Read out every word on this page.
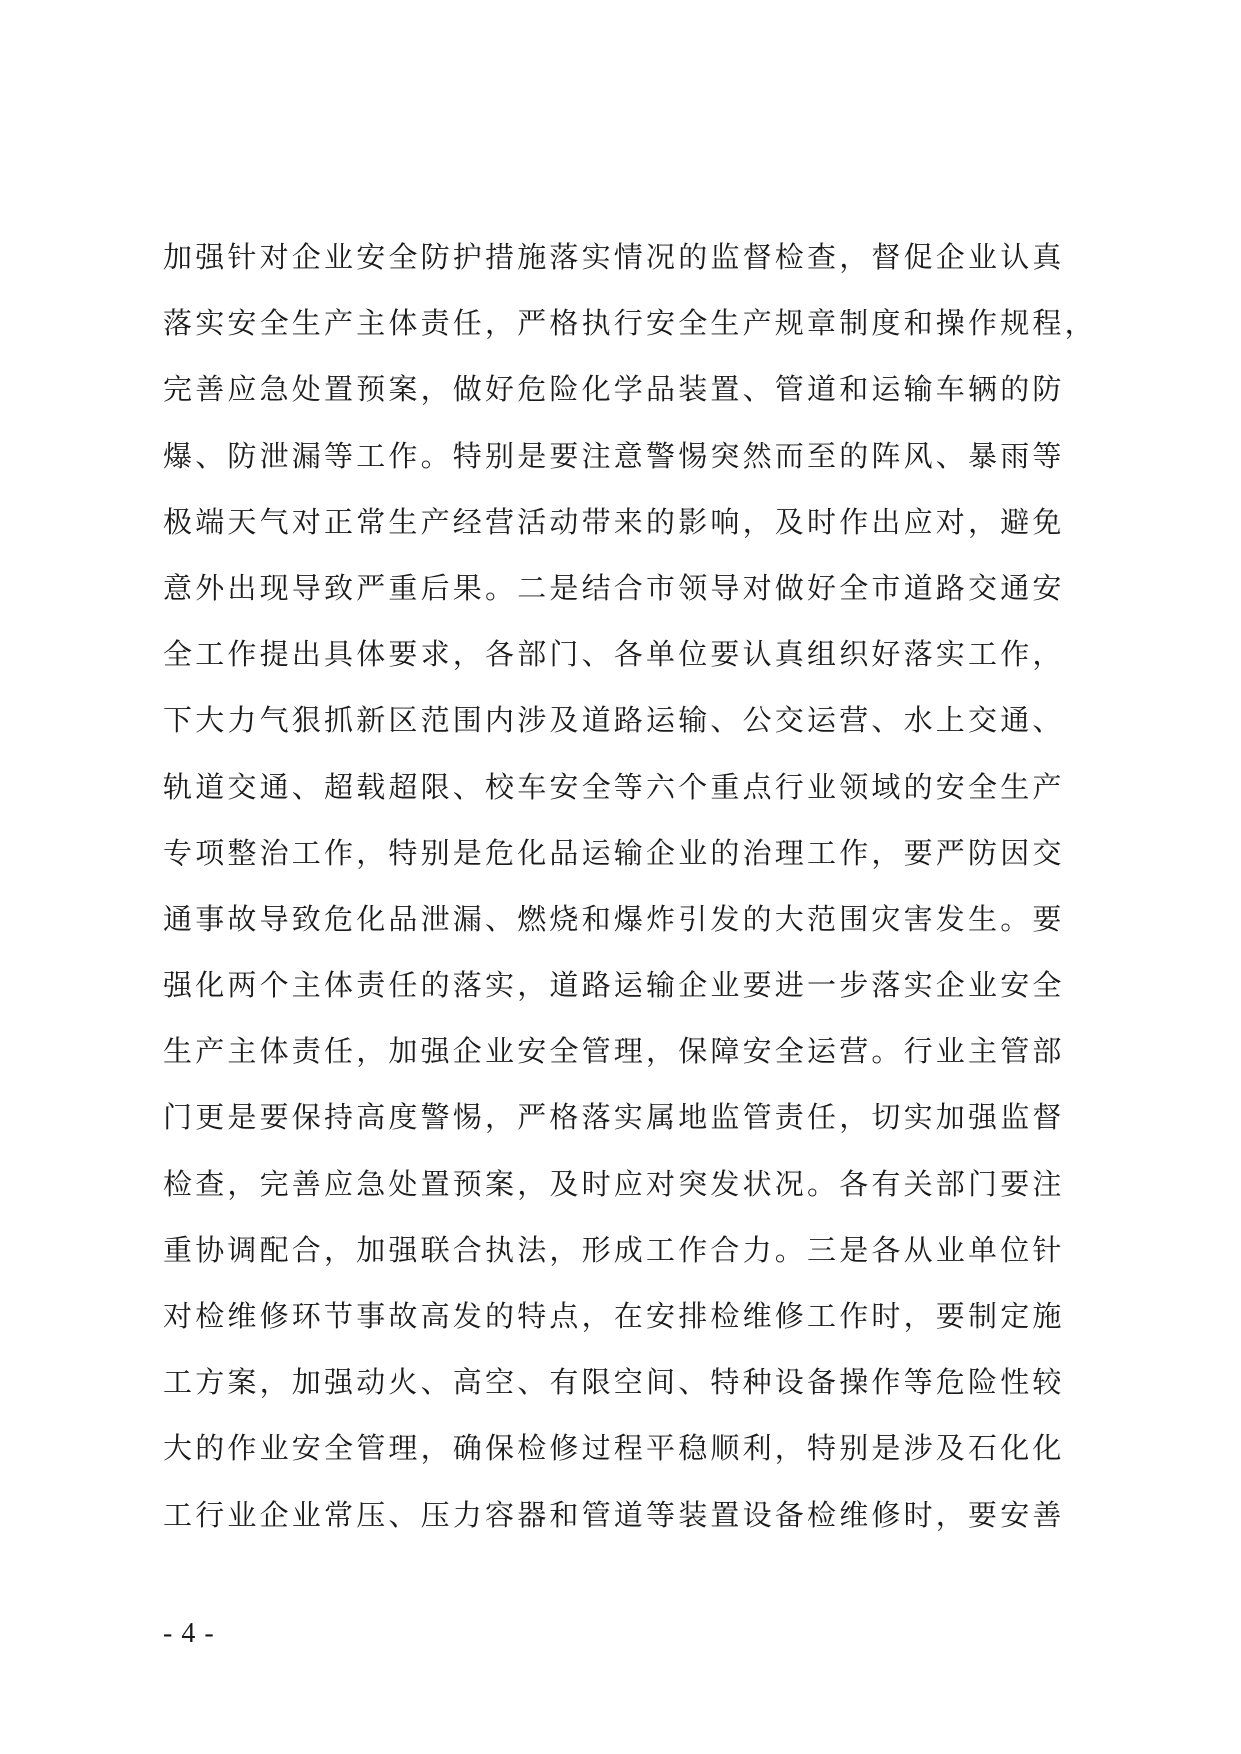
加强针对企业安全防护措施落实情况的监督检查，督促企业认真
落实安全生产主体责任，严格执行安全生产规章制度和操作规程，
完善应急处置预案，做好危险化学品装置、管道和运输车辆的防
爆、防泄漏等工作。特别是要注意警惕突然而至的阵风、暴雨等
极端天气对正常生产经营活动带来的影响，及时作出应对，避免
意外出现导致严重后果。二是结合市领导对做好全市道路交通安
全工作提出具体要求，各部门、各单位要认真组织好落实工作，
下大力气狠抓新区范围内涉及道路运输、公交运营、水上交通、
轨道交通、超载超限、校车安全等六个重点行业领域的安全生产
专项整治工作，特别是危化品运输企业的治理工作，要严防因交
通事故导致危化品泄漏、燃烧和爆炸引发的大范围灾害发生。要
强化两个主体责任的落实，道路运输企业要进一步落实企业安全
生产主体责任，加强企业安全管理，保障安全运营。行业主管部
门更是要保持高度警惕，严格落实属地监管责任，切实加强监督
检查，完善应急处置预案，及时应对突发状况。各有关部门要注
重协调配合，加强联合执法，形成工作合力。三是各从业单位针
对检维修环节事故高发的特点，在安排检维修工作时，要制定施
工方案，加强动火、高空、有限空间、特种设备操作等危险性较
大的作业安全管理，确保检修过程平稳顺利，特别是涉及石化化
工行业企业常压、压力容器和管道等装置设备检维修时，要安善
- 4 -
